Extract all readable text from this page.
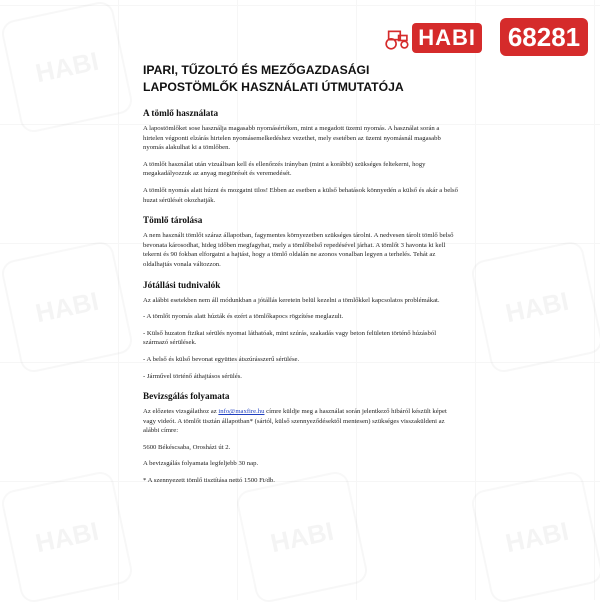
HABI
HABI
HABI
HABI
HABI
HABI
HABI	68281
IPARI, TŰZOLTÓ ÉS MEZŐGAZDASÁGI LAPOSTÖMLŐK HASZNÁLATI ÚTMUTATÓJA
A tömlő használata

A lapostömlőket sose használja magasabb nyomásértéken, mint a megadott üzemi nyomás. A használat során a hirtelen végponti elzárás hirtelen nyomásemelkedéshez vezethet, mely esetében az üzemi nyomásnál magasabb nyomás alakulhat ki a tömlőben.

A tömlőt használat után vizuálisan kell és ellenőrzés irányban (mint a korábbi) szükséges feltekerni, hogy megakadályozzuk az anyag megtörését és veremedését.

A tömlőt nyomás alatt húzni és mozgatni tilos! Ebben az esetben a külső behatások könnyedén a külső és akár a belső huzat sérülését okozhatják.

Tömlő tárolása

A nem használt tömlőt száraz állapotban, fagymentes környezetben szükséges tárolni. A nedvesen tárolt tömlő belső bevonata károsodhat, hideg időben megfagyhat, mely a tömlőbelső repedésével járhat. A tömlőt 3 havonta ki kell tekerni és 90 fokban elforgatni a hajtást, hogy a tömlő oldalán ne azonos vonalban legyen a terhelés. Tehát az oldalhajtás vonala változzon.

Jótállási tudnivalók

Az alábbi esetekben nem áll módunkban a jótállás keretein belül kezelni a tömlőkkel kapcsolatos problémákat.

- A tömlőt nyomás alatt húzták és ezért a tömlőkapocs rögzítése meglazult.

- Külső huzaton fizikai sérülés nyomai láthatóak, mint szúrás, szakadás vagy beton felületen történő húzásból származó sérülések.

- A belső és külső bevonat együttes átszúrásszerű sérülése.

- Járművel történő áthajtásos sérülés.

Bevizsgálás folyamata

Az előzetes vizsgálathoz az info@maxfire.hu címre küldje meg a használat során jelentkező hibáról készült képet vagy videót. A tömlőt tisztán állapotban* (sártól, külső szennyeződésektől mentesen) szükséges visszaküldeni az alábbi címre:

5600 Békéscsaba, Orosházi út 2.

A bevizsgálás folyamata legfeljebb 30 nap.

* A szennyezett tömlő tisztítása nettó 1500 Ft/db.
